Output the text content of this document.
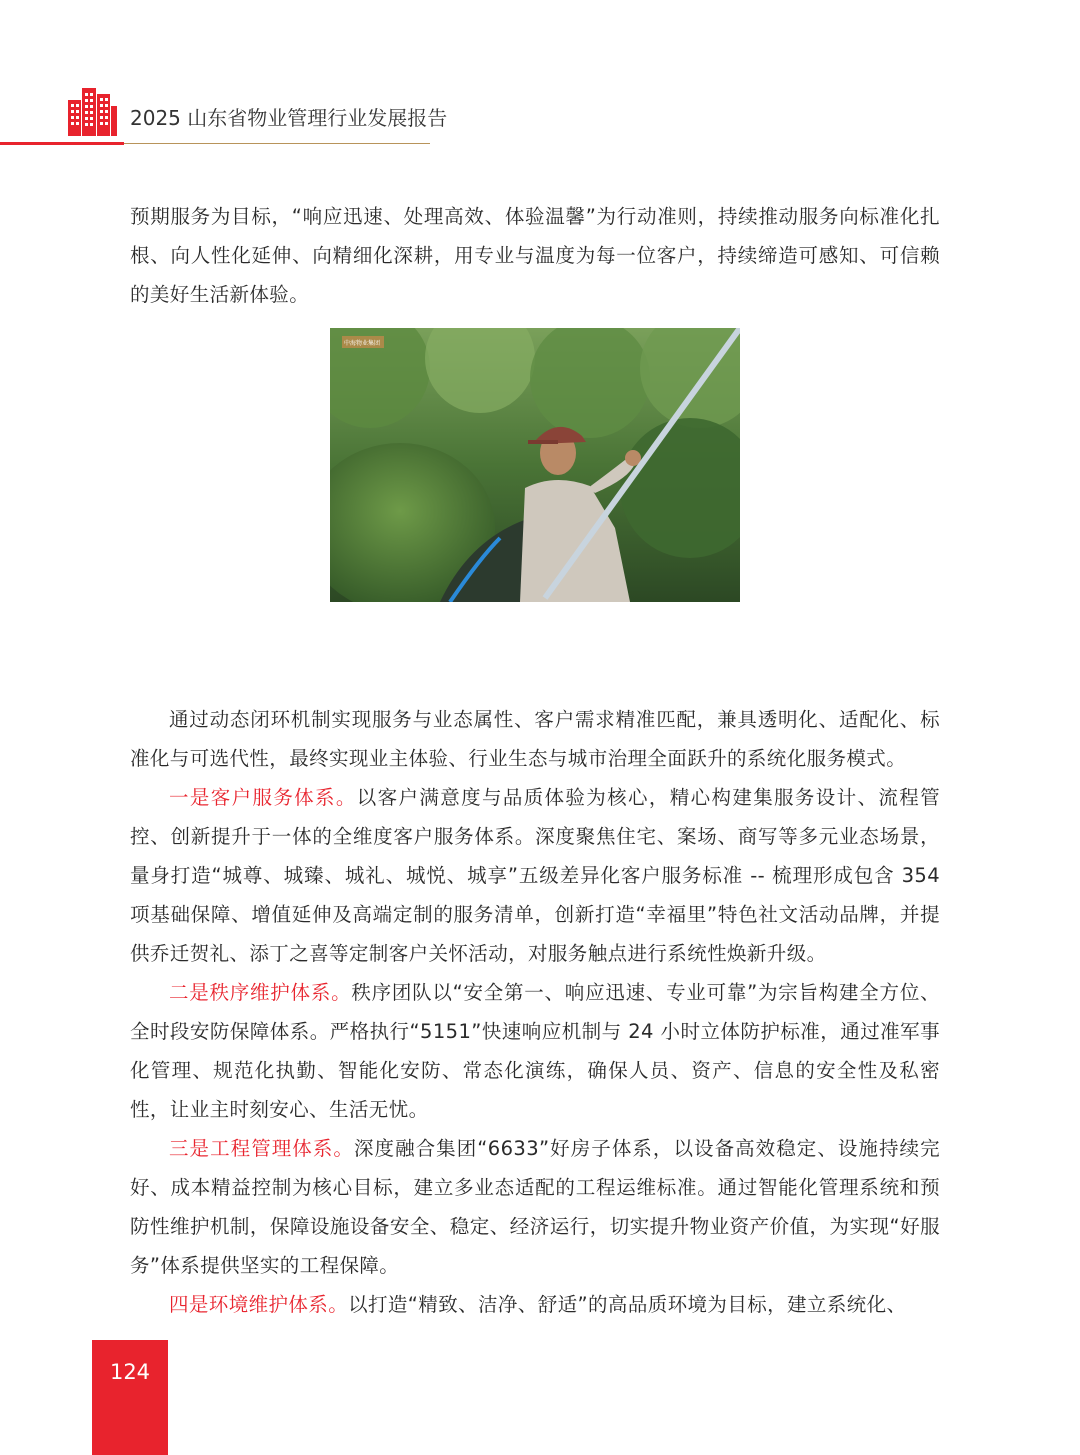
2025 山东省物业管理行业发展报告

预期服务为目标，“响应迅速、处理高效、体验温馨”为行动准则，持续推动服务向标准化扎根、向人性化延伸、向精细化深耕，用专业与温度为每一位客户，持续缔造可感知、可信赖的美好生活新体验。

通过动态闭环机制实现服务与业态属性、客户需求精准匹配，兼具透明化、适配化、标准化与可选代性，最终实现业主体验、行业生态与城市治理全面跃升的系统化服务模式。

一是客户服务体系。以客户满意度与品质体验为核心，精心构建集服务设计、流程管控、创新提升于一体的全维度客户服务体系。深度聚焦住宅、案场、商写等多元业态场景，量身打造“城尊、城臻、城礼、城悦、城享”五级差异化客户服务标准 -- 梳理形成包含 354 项基础保障、增值延伸及高端定制的服务清单，创新打造“幸福里”特色社文活动品牌，并提供乔迁贺礼、添丁之喜等定制客户关怀活动，对服务触点进行系统性焕新升级。

二是秩序维护体系。秩序团队以“安全第一、响应迅速、专业可靠”为宗旨构建全方位、全时段安防保障体系。严格执行“5151”快速响应机制与 24 小时立体防护标准，通过准军事化管理、规范化执勤、智能化安防、常态化演练，确保人员、资产、信息的安全性及私密性，让业主时刻安心、生活无忧。

三是工程管理体系。深度融合集团“6633”好房子体系，以设备高效稳定、设施持续完好、成本精益控制为核心目标，建立多业态适配的工程运维标准。通过智能化管理系统和预防性维护机制，保障设施设备安全、稳定、经济运行，切实提升物业资产价值，为实现“好服务”体系提供坚实的工程保障。

四是环境维护体系。以打造“精致、洁净、舒适”的高品质环境为目标，建立系统化、

中海物业集团
124
